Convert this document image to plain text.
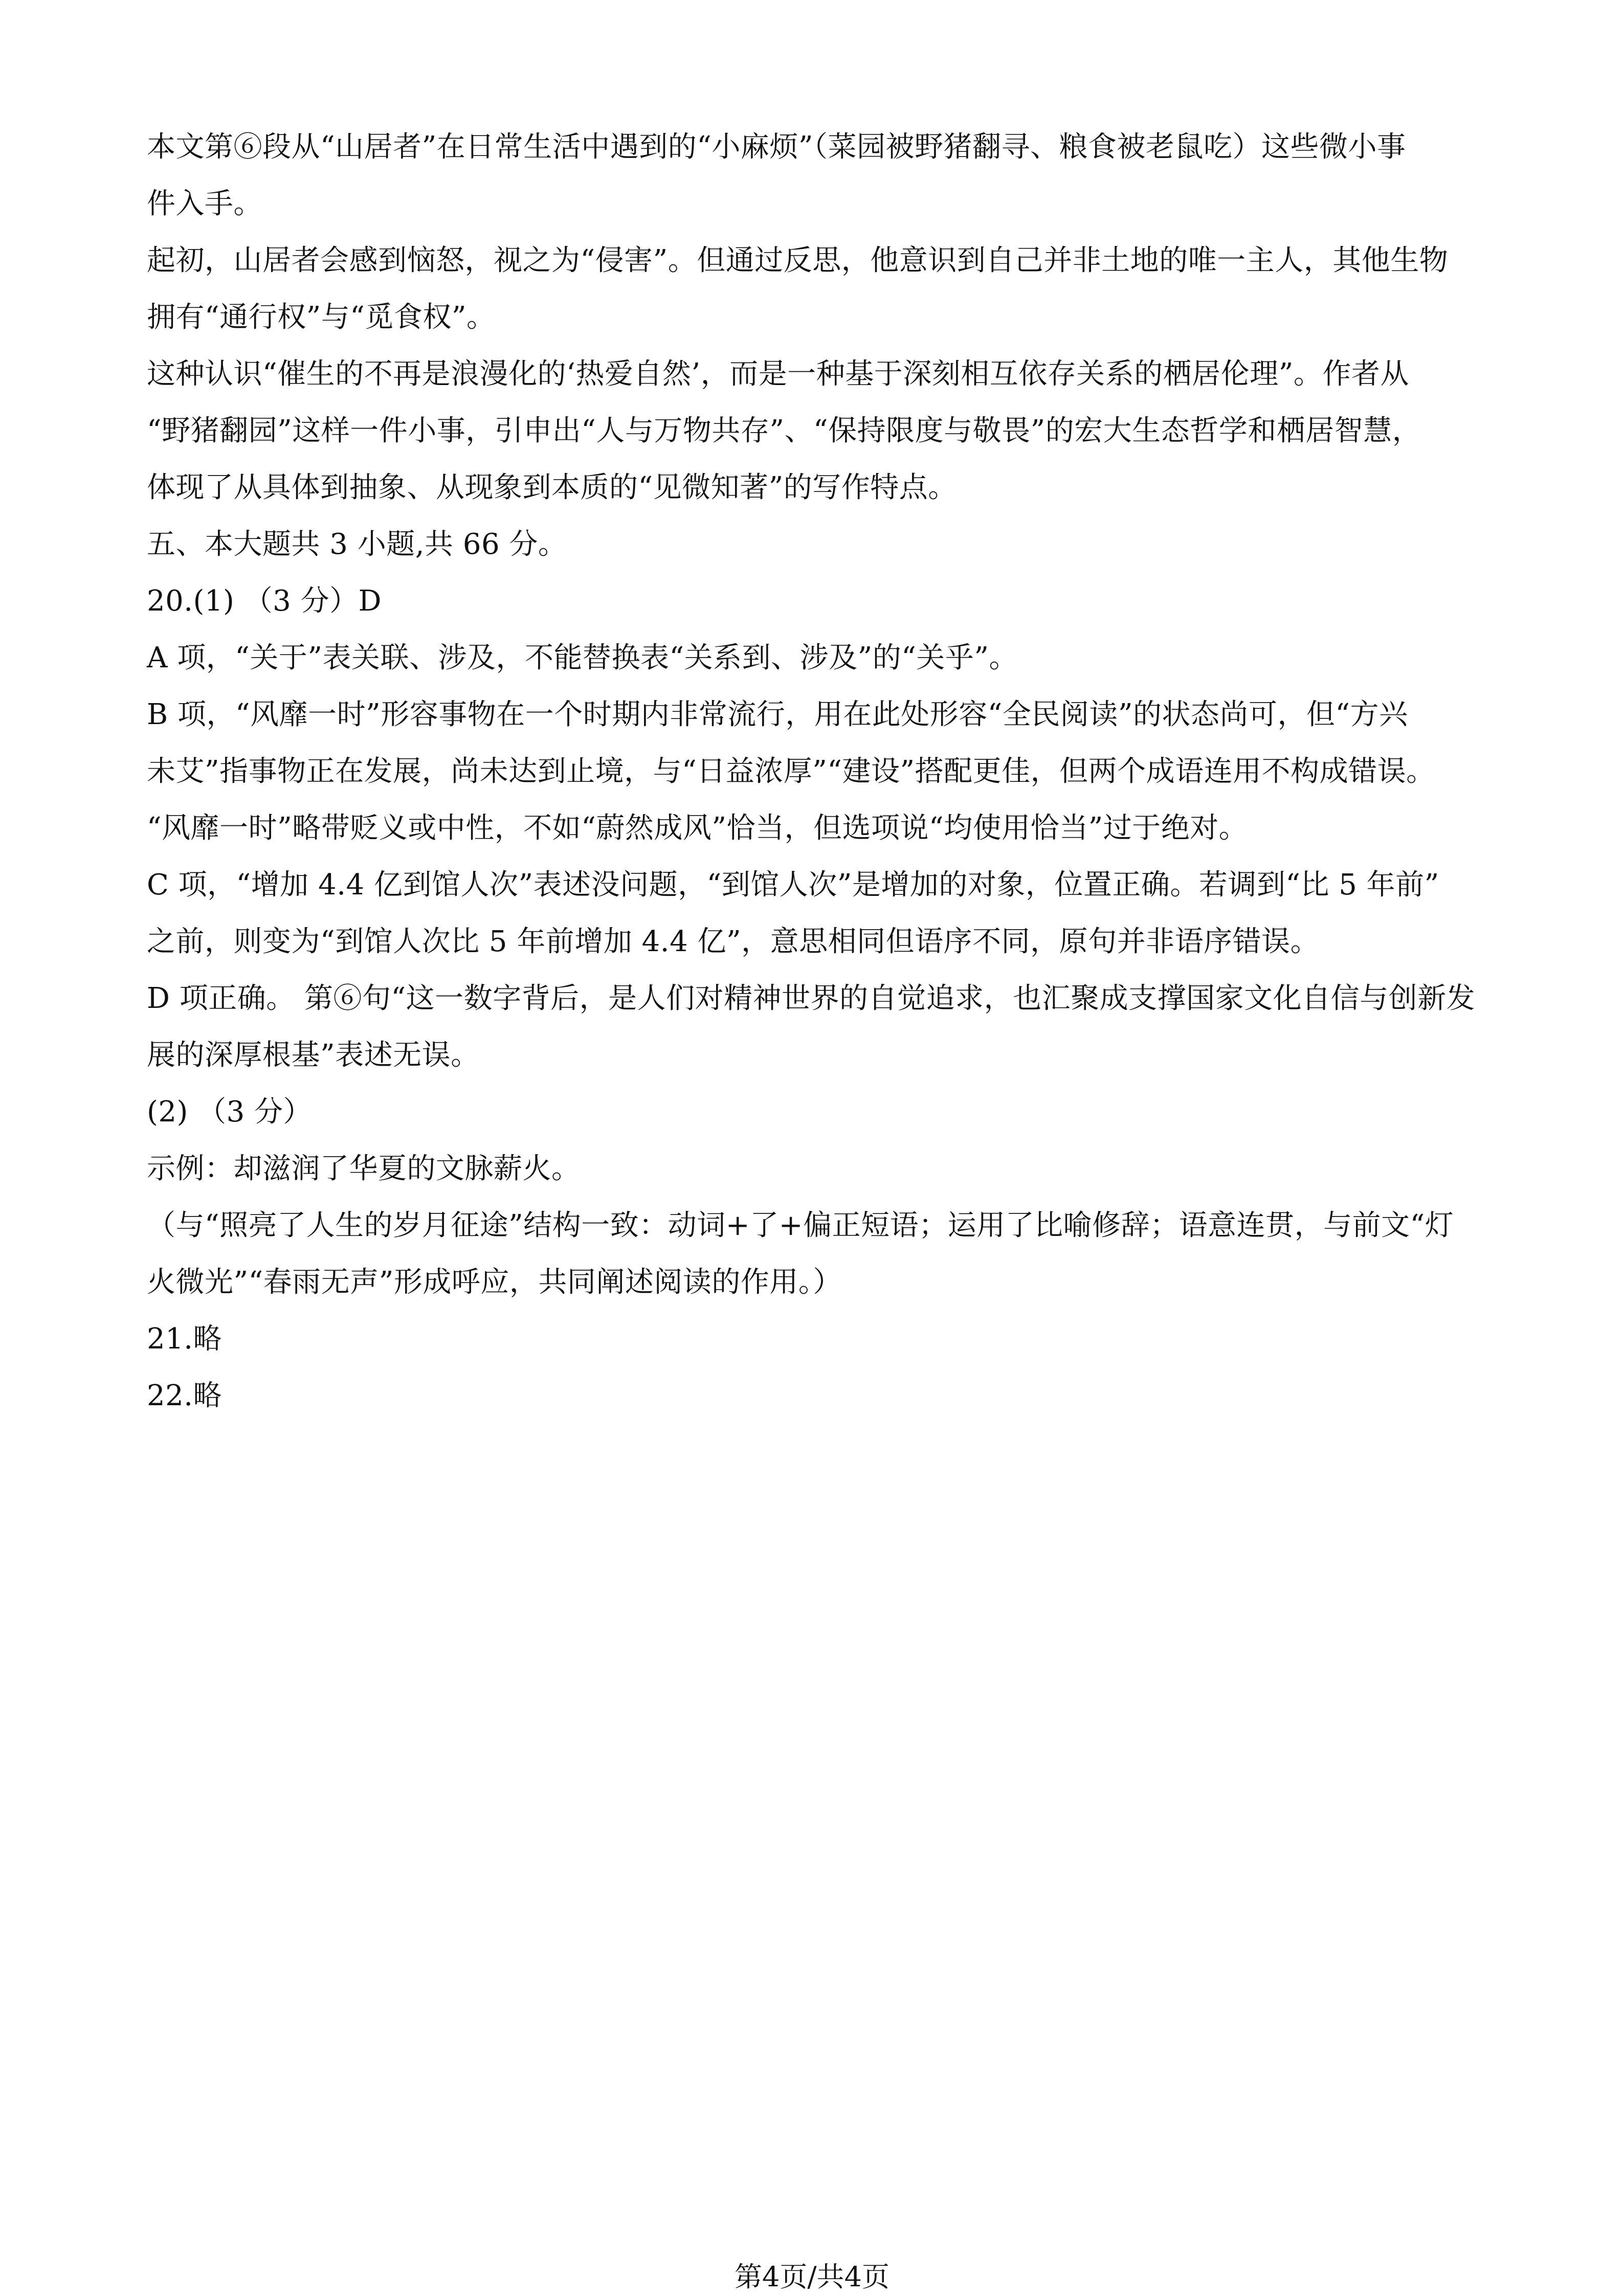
本文第⑥段从“山居者”在日常生活中遇到的“小麻烦”（菜园被野猪翻寻、粮食被老鼠吃）这些微小事
件入手。
起初，山居者会感到恼怒，视之为“侵害”。但通过反思，他意识到自己并非土地的唯一主人，其他生物
拥有“通行权”与“觅食权”。
这种认识“催生的不再是浪漫化的‘热爱自然’，而是一种基于深刻相互依存关系的栖居伦理”。作者从
“野猪翻园”这样一件小事，引申出“人与万物共存”、“保持限度与敬畏”的宏大生态哲学和栖居智慧，
体现了从具体到抽象、从现象到本质的“见微知著”的写作特点。
五、本大题共 3 小题,共 66 分。
20.(1) （3 分）D
A 项，“关于”表关联、涉及，不能替换表“关系到、涉及”的“关乎”。
B 项，“风靡一时”形容事物在一个时期内非常流行，用在此处形容“全民阅读”的状态尚可，但“方兴
未艾”指事物正在发展，尚未达到止境，与“日益浓厚”“建设”搭配更佳，但两个成语连用不构成错误。
“风靡一时”略带贬义或中性，不如“蔚然成风”恰当，但选项说“均使用恰当”过于绝对。
C 项，“增加 4.4 亿到馆人次”表述没问题，“到馆人次”是增加的对象，位置正确。若调到“比 5 年前”
之前，则变为“到馆人次比 5 年前增加 4.4 亿”，意思相同但语序不同，原句并非语序错误。
D 项正确。 第⑥句“这一数字背后，是人们对精神世界的自觉追求，也汇聚成支撑国家文化自信与创新发
展的深厚根基”表述无误。
(2) （3 分）
示例：却滋润了华夏的文脉薪火。
（与“照亮了人生的岁月征途”结构一致：动词+了+偏正短语；运用了比喻修辞；语意连贯，与前文“灯
火微光”“春雨无声”形成呼应，共同阐述阅读的作用。）
21.略
22.略
第4页/共4页
